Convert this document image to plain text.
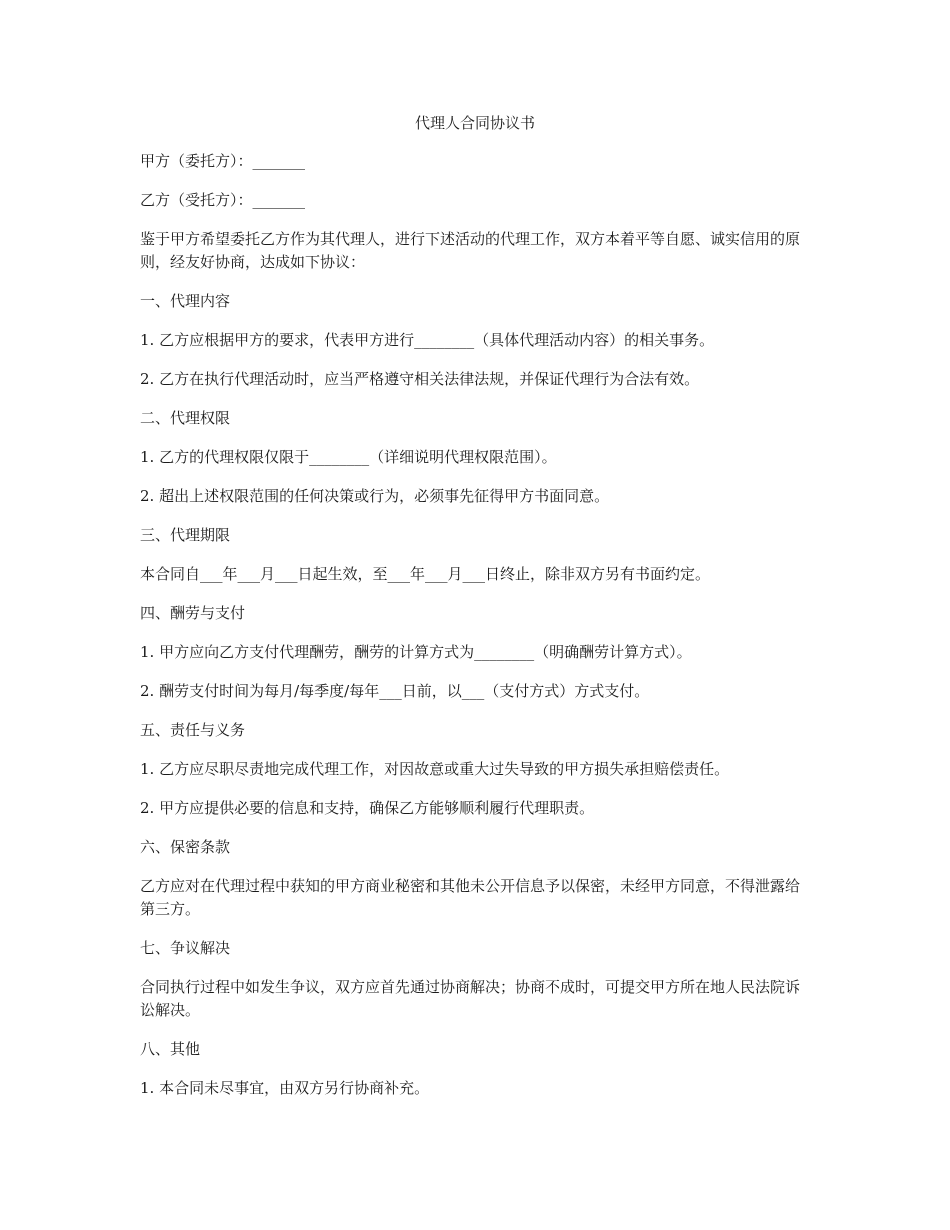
代理人合同协议书

甲方（委托方）：_______

乙方（受托方）：_______

鉴于甲方希望委托乙方作为其代理人，进行下述活动的代理工作，双方本着平等自愿、诚实信用的原则，经友好协商，达成如下协议：

一、代理内容

1. 乙方应根据甲方的要求，代表甲方进行________（具体代理活动内容）的相关事务。

2. 乙方在执行代理活动时，应当严格遵守相关法律法规，并保证代理行为合法有效。

二、代理权限

1. 乙方的代理权限仅限于________（详细说明代理权限范围）。

2. 超出上述权限范围的任何决策或行为，必须事先征得甲方书面同意。

三、代理期限

本合同自___年___月___日起生效，至___年___月___日终止，除非双方另有书面约定。

四、酬劳与支付

1. 甲方应向乙方支付代理酬劳，酬劳的计算方式为________（明确酬劳计算方式）。

2. 酬劳支付时间为每月/每季度/每年___日前，以___（支付方式）方式支付。

五、责任与义务

1. 乙方应尽职尽责地完成代理工作，对因故意或重大过失导致的甲方损失承担赔偿责任。

2. 甲方应提供必要的信息和支持，确保乙方能够顺利履行代理职责。

六、保密条款

乙方应对在代理过程中获知的甲方商业秘密和其他未公开信息予以保密，未经甲方同意，不得泄露给第三方。

七、争议解决

合同执行过程中如发生争议，双方应首先通过协商解决；协商不成时，可提交甲方所在地人民法院诉讼解决。

八、其他

1. 本合同未尽事宜，由双方另行协商补充。
